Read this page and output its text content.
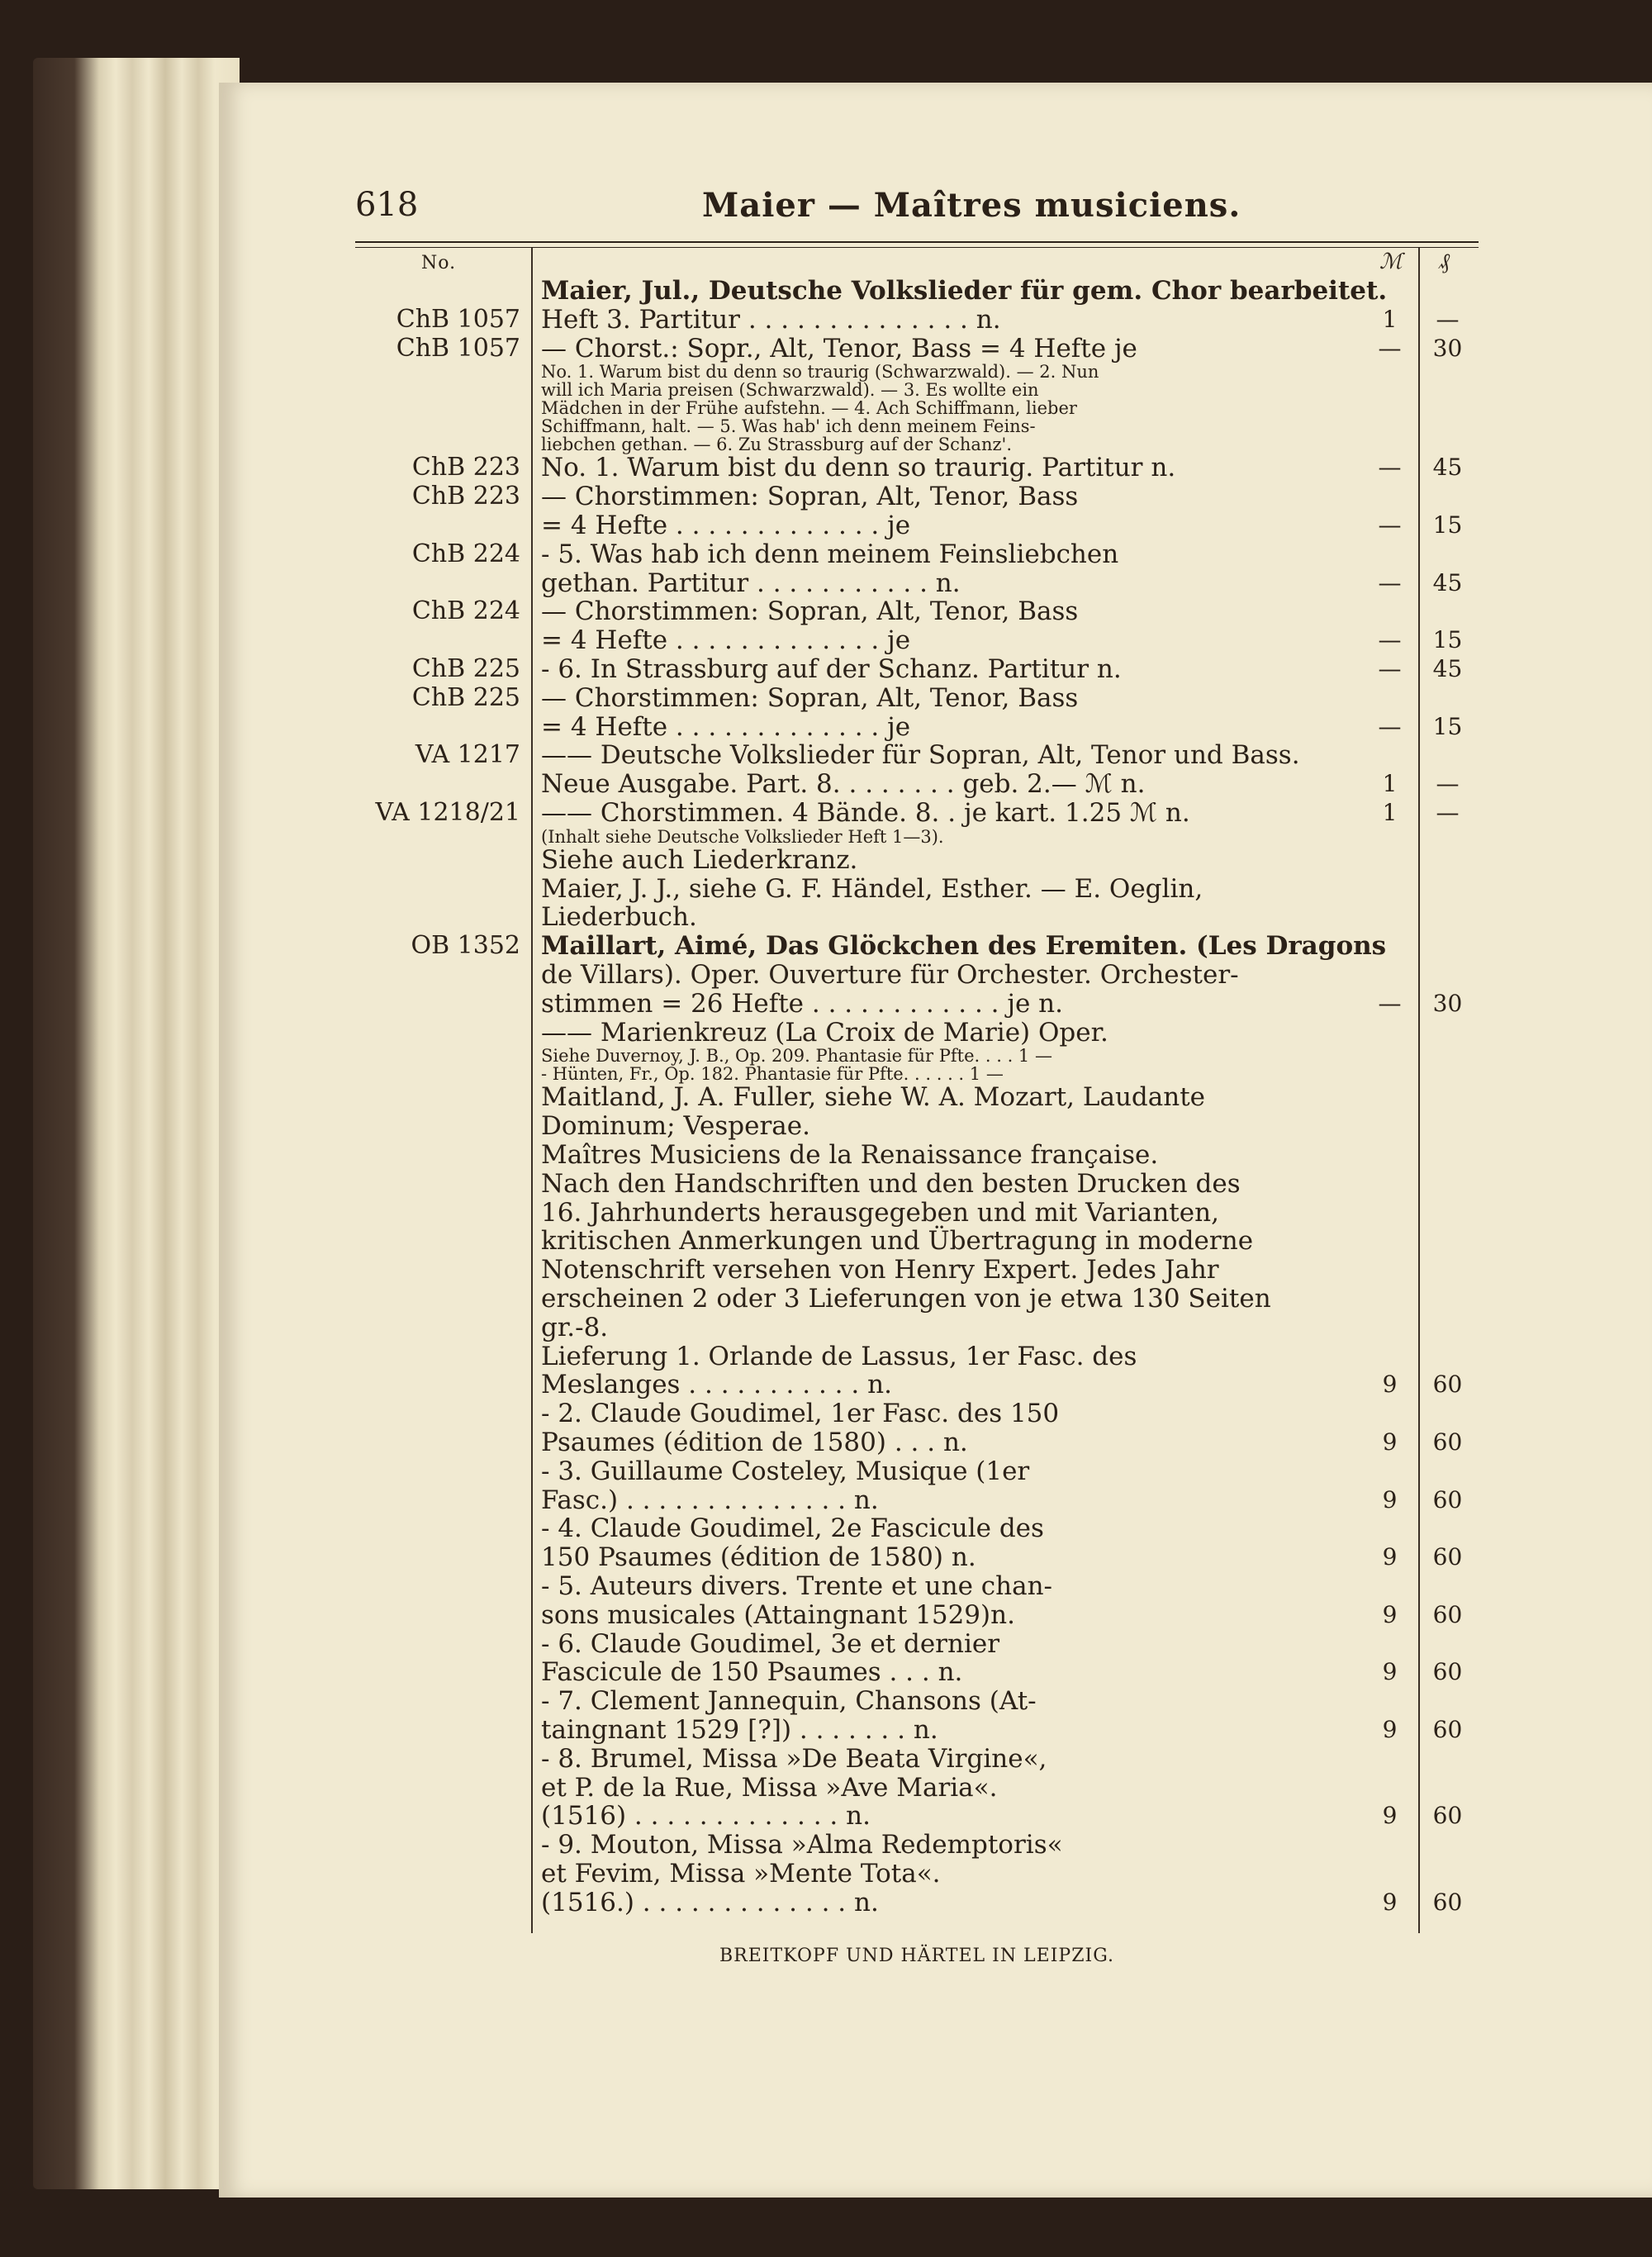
618	Maier — Maîtres musiciens.
No.	ℳ ₰
Maier, Jul., Deutsche Volkslieder für gem. Chor bearbeitet.
ChB 1057 Heft 3. Partitur . . . . . . . . . . . . . . n.	1	—
ChB 1057 — Chorst.: Sopr., Alt, Tenor, Bass = 4 Hefte je	—	30
No. 1. Warum bist du denn so traurig (Schwarzwald). — 2. Nun
will ich Maria preisen (Schwarzwald). — 3. Es wollte ein
Mädchen in der Frühe aufstehn. — 4. Ach Schiffmann, lieber
Schiffmann, halt. — 5. Was hab' ich denn meinem Feins-
liebchen gethan. — 6. Zu Strassburg auf der Schanz'.
ChB 223 No. 1. Warum bist du denn so traurig. Partitur n.	—	45
ChB 223 — Chorstimmen: Sopran, Alt, Tenor, Bass
= 4 Hefte . . . . . . . . . . . . . je	—	15
ChB 224 - 5. Was hab ich denn meinem Feinsliebchen
gethan. Partitur . . . . . . . . . . . n.	—	45
ChB 224 — Chorstimmen: Sopran, Alt, Tenor, Bass
= 4 Hefte . . . . . . . . . . . . . je	—	15
ChB 225 - 6. In Strassburg auf der Schanz. Partitur n.	—	45
ChB 225 — Chorstimmen: Sopran, Alt, Tenor, Bass
= 4 Hefte . . . . . . . . . . . . . je	—	15
VA 1217 —— Deutsche Volkslieder für Sopran, Alt, Tenor und Bass.
Neue Ausgabe. Part. 8. . . . . . . . geb. 2.— ℳ n.	1	—
VA 1218/21 —— Chorstimmen. 4 Bände. 8. . je kart. 1.25 ℳ n.	1	—
(Inhalt siehe Deutsche Volkslieder Heft 1—3).
Siehe auch Liederkranz.
Maier, J. J., siehe G. F. Händel, Esther. — E. Oeglin,
Liederbuch.
OB 1352 Maillart, Aimé, Das Glöckchen des Eremiten. (Les Dragons
de Villars). Oper. Ouverture für Orchester. Orchester-
stimmen = 26 Hefte . . . . . . . . . . . . je n.	—	30
—— Marienkreuz (La Croix de Marie) Oper.
Siehe Duvernoy, J. B., Op. 209. Phantasie für Pfte. . . . 1 —
- Hünten, Fr., Op. 182. Phantasie für Pfte. . . . . . 1 —
Maitland, J. A. Fuller, siehe W. A. Mozart, Laudante
Dominum; Vesperae.
Maîtres Musiciens de la Renaissance française.
Nach den Handschriften und den besten Drucken des
16. Jahrhunderts herausgegeben und mit Varianten,
kritischen Anmerkungen und Übertragung in moderne
Notenschrift versehen von Henry Expert. Jedes Jahr
erscheinen 2 oder 3 Lieferungen von je etwa 130 Seiten
gr.-8.
Lieferung 1. Orlande de Lassus, 1er Fasc. des
Meslanges . . . . . . . . . . . n.	9	60
- 2. Claude Goudimel, 1er Fasc. des 150
Psaumes (édition de 1580) . . . n.	9	60
- 3. Guillaume Costeley, Musique (1er
Fasc.) . . . . . . . . . . . . . . n.	9	60
- 4. Claude Goudimel, 2e Fascicule des
150 Psaumes (édition de 1580) n.	9	60
- 5. Auteurs divers. Trente et une chan-
sons musicales (Attaingnant 1529)n.	9	60
- 6. Claude Goudimel, 3e et dernier
Fascicule de 150 Psaumes . . . n.	9	60
- 7. Clement Jannequin, Chansons (At-
taingnant 1529 [?]) . . . . . . . n.	9	60
- 8. Brumel, Missa »De Beata Virgine«,
et P. de la Rue, Missa »Ave Maria«.
(1516) . . . . . . . . . . . . . n.	9	60
- 9. Mouton, Missa »Alma Redemptoris«
et Fevim, Missa »Mente Tota«.
(1516.) . . . . . . . . . . . . . n.	9	60
BREITKOPF UND HÄRTEL IN LEIPZIG.
